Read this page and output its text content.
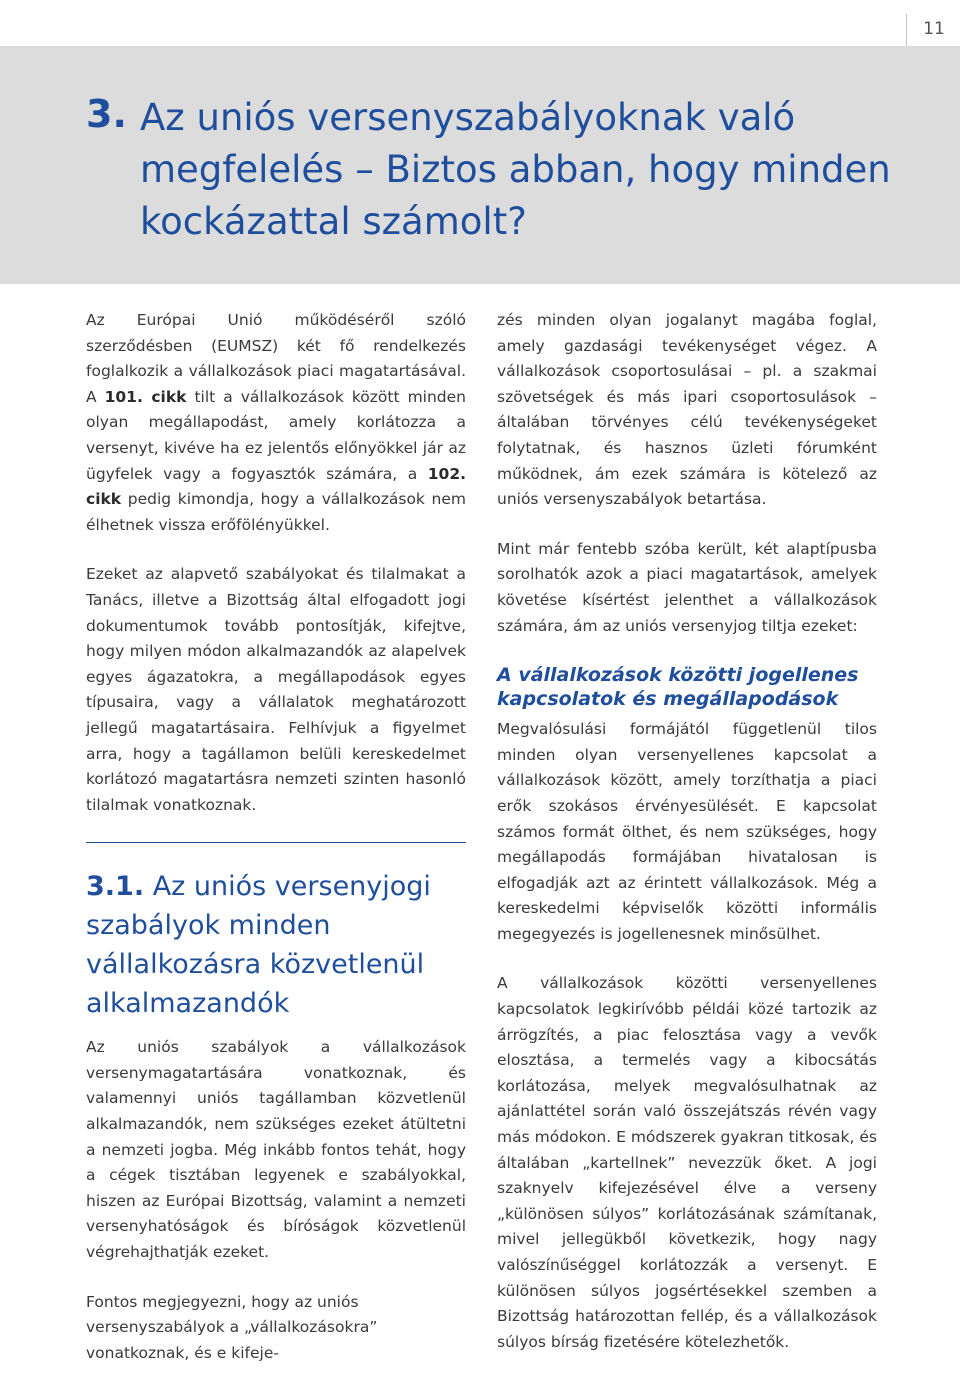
11
3. Az uniós versenyszabályoknak való megfelelés – Biztos abban, hogy minden kockázattal számolt?

Az Európai Unió működéséről szóló szerződésben (EUMSZ) két fő rendelkezés foglalkozik a vállalkozások piaci magatartásával. A 101. cikk tilt a vállalkozások között minden olyan megállapodást, amely korlátozza a versenyt, kivéve ha ez jelentős előnyökkel jár az ügyfelek vagy a fogyasztók számára, a 102. cikk pedig kimondja, hogy a vállalkozások nem élhetnek vissza erőfölényükkel.

Ezeket az alapvető szabályokat és tilalmakat a Tanács, illetve a Bizottság által elfogadott jogi dokumentumok tovább pontosítják, kifejtve, hogy milyen módon alkalmazandók az alapelvek egyes ágazatokra, a megállapodások egyes típusaira, vagy a vállalatok meghatározott jellegű magatartásaira. Felhívjuk a figyelmet arra, hogy a tagállamon belüli kereskedelmet korlátozó magatartásra nemzeti szinten hasonló tilalmak vonatkoznak.

3.1. Az uniós versenyjogi szabályok minden vállalkozásra közvetlenül alkalmazandók

Az uniós szabályok a vállalkozások versenymagatartására vonatkoznak, és valamennyi uniós tagállamban közvetlenül alkalmazandók, nem szükséges ezeket átültetni a nemzeti jogba. Még inkább fontos tehát, hogy a cégek tisztában legyenek e szabályokkal, hiszen az Európai Bizottság, valamint a nemzeti versenyhatóságok és bíróságok közvetlenül végrehajthatják ezeket.

Fontos megjegyezni, hogy az uniós versenyszabályok a „vállalkozásokra” vonatkoznak, és e kifeje-

zés minden olyan jogalanyt magába foglal, amely gazdasági tevékenységet végez. A vállalkozások csoportosulásai – pl. a szakmai szövetségek és más ipari csoportosulások – általában törvényes célú tevékenységeket folytatnak, és hasznos üzleti fórumként működnek, ám ezek számára is kötelező az uniós versenyszabályok betartása.

Mint már fentebb szóba került, két alaptípusba sorolhatók azok a piaci magatartások, amelyek követése kísértést jelenthet a vállalkozások számára, ám az uniós versenyjog tiltja ezeket:

A vállalkozások közötti jogellenes kapcsolatok és megállapodások

Megvalósulási formájától függetlenül tilos minden olyan versenyellenes kapcsolat a vállalkozások között, amely torzíthatja a piaci erők szokásos érvényesülését. E kapcsolat számos formát ölthet, és nem szükséges, hogy megállapodás formájában hivatalosan is elfogadják azt az érintett vállalkozások. Még a kereskedelmi képviselők közötti informális megegyezés is jogellenesnek minősülhet.

A vállalkozások közötti versenyellenes kapcsolatok legkirívóbb példái közé tartozik az árrögzítés, a piac felosztása vagy a vevők elosztása, a termelés vagy a kibocsátás korlátozása, melyek megvalósulhatnak az ajánlattétel során való összejátszás révén vagy más módokon. E módszerek gyakran titkosak, és általában „kartellnek” nevezzük őket. A jogi szaknyelv kifejezésével élve a verseny „különösen súlyos” korlátozásának számítanak, mivel jellegükből következik, hogy nagy valószínűséggel korlátozzák a versenyt. E különösen súlyos jogsértésekkel szemben a Bizottság határozottan fellép, és a vállalkozások súlyos bírság fizetésére kötelezhetők.
